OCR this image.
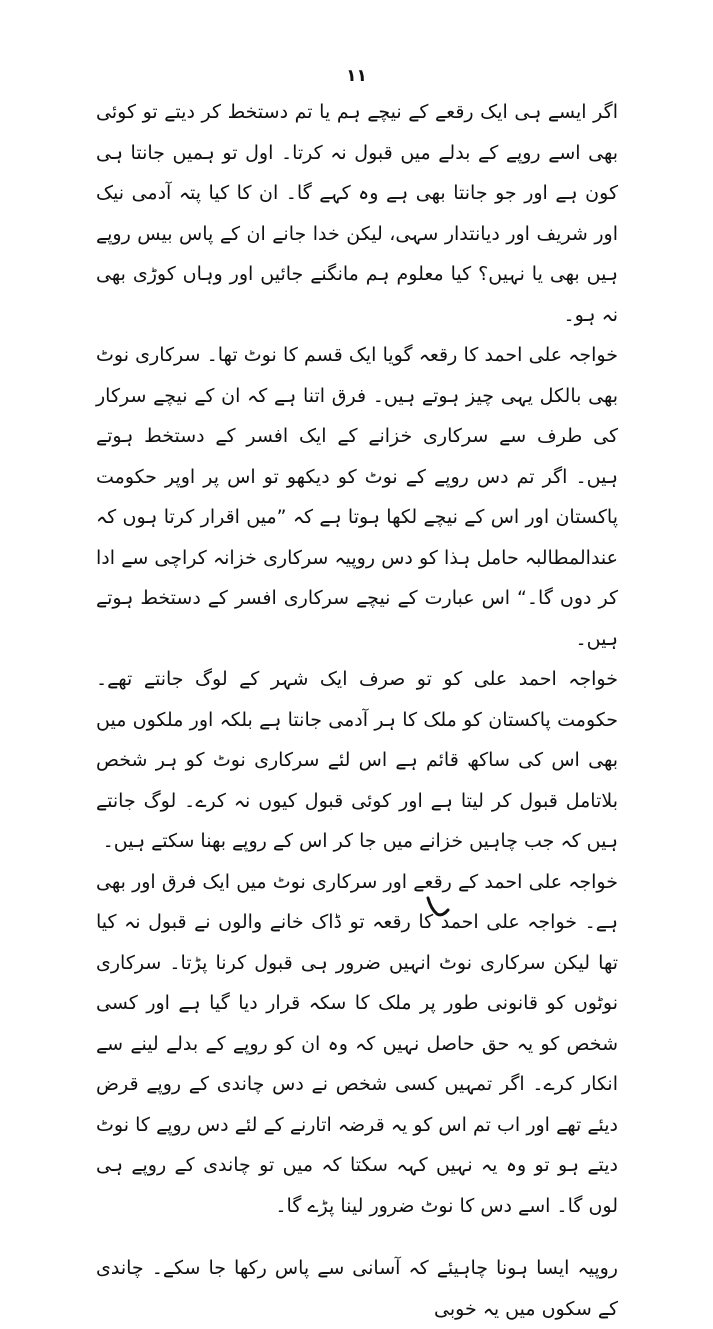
۱۱

اگر ایسے ہی ایک رقعے کے نیچے ہم یا تم دستخط کر دیتے تو کوئی بھی اسے روپے کے بدلے میں قبول نہ کرتا۔ اول تو ہمیں جانتا ہی کون ہے اور جو جانتا بھی ہے وہ کہے گا۔ ان کا کیا پتہ آدمی نیک اور شریف اور دیانتدار سہی، لیکن خدا جانے ان کے پاس بیس روپے ہیں بھی یا نہیں؟ کیا معلوم ہم مانگنے جائیں اور وہاں کوڑی بھی نہ ہو۔

خواجہ علی احمد کا رقعہ گویا ایک قسم کا نوٹ تھا۔ سرکاری نوٹ بھی بالکل یہی چیز ہوتے ہیں۔ فرق اتنا ہے کہ ان کے نیچے سرکار کی طرف سے سرکاری خزانے کے ایک افسر کے دستخط ہوتے ہیں۔ اگر تم دس روپے کے نوٹ کو دیکھو تو اس پر اوپر حکومت پاکستان اور اس کے نیچے لکھا ہوتا ہے کہ ”میں اقرار کرتا ہوں کہ عندالمطالبہ حامل ہذا کو دس روپیہ سرکاری خزانہ کراچی سے ادا کر دوں گا۔“ اس عبارت کے نیچے سرکاری افسر کے دستخط ہوتے ہیں۔

خواجہ احمد علی کو تو صرف ایک شہر کے لوگ جانتے تھے۔ حکومت پاکستان کو ملک کا ہر آدمی جانتا ہے بلکہ اور ملکوں میں بھی اس کی ساکھ قائم ہے اس لئے سرکاری نوٹ کو ہر شخص بلاتامل قبول کر لیتا ہے اور کوئی قبول کیوں نہ کرے۔ لوگ جانتے ہیں کہ جب چاہیں خزانے میں جا کر اس کے روپے بھنا سکتے ہیں۔

خواجہ علی احمد کے رقعے اور سرکاری نوٹ میں ایک فرق اور بھی ہے۔ خواجہ علی احمد کا رقعہ تو ڈاک خانے والوں نے قبول نہ کیا تھا لیکن سرکاری نوٹ انہیں ضرور ہی قبول کرنا پڑتا۔ سرکاری نوٹوں کو قانونی طور پر ملک کا سکہ قرار دیا گیا ہے اور کسی شخص کو یہ حق حاصل نہیں کہ وہ ان کو روپے کے بدلے لینے سے انکار کرے۔ اگر تمہیں کسی شخص نے دس چاندی کے روپے قرض دیئے تھے اور اب تم اس کو یہ قرضہ اتارنے کے لئے دس روپے کا نوٹ دیتے ہو تو وہ یہ نہیں کہہ سکتا کہ میں تو چاندی کے روپے ہی لوں گا۔ اسے دس کا نوٹ ضرور لینا پڑے گا۔

روپیہ ایسا ہونا چاہیئے کہ آسانی سے پاس رکھا جا سکے۔ چاندی کے سکوں میں یہ خوبی
